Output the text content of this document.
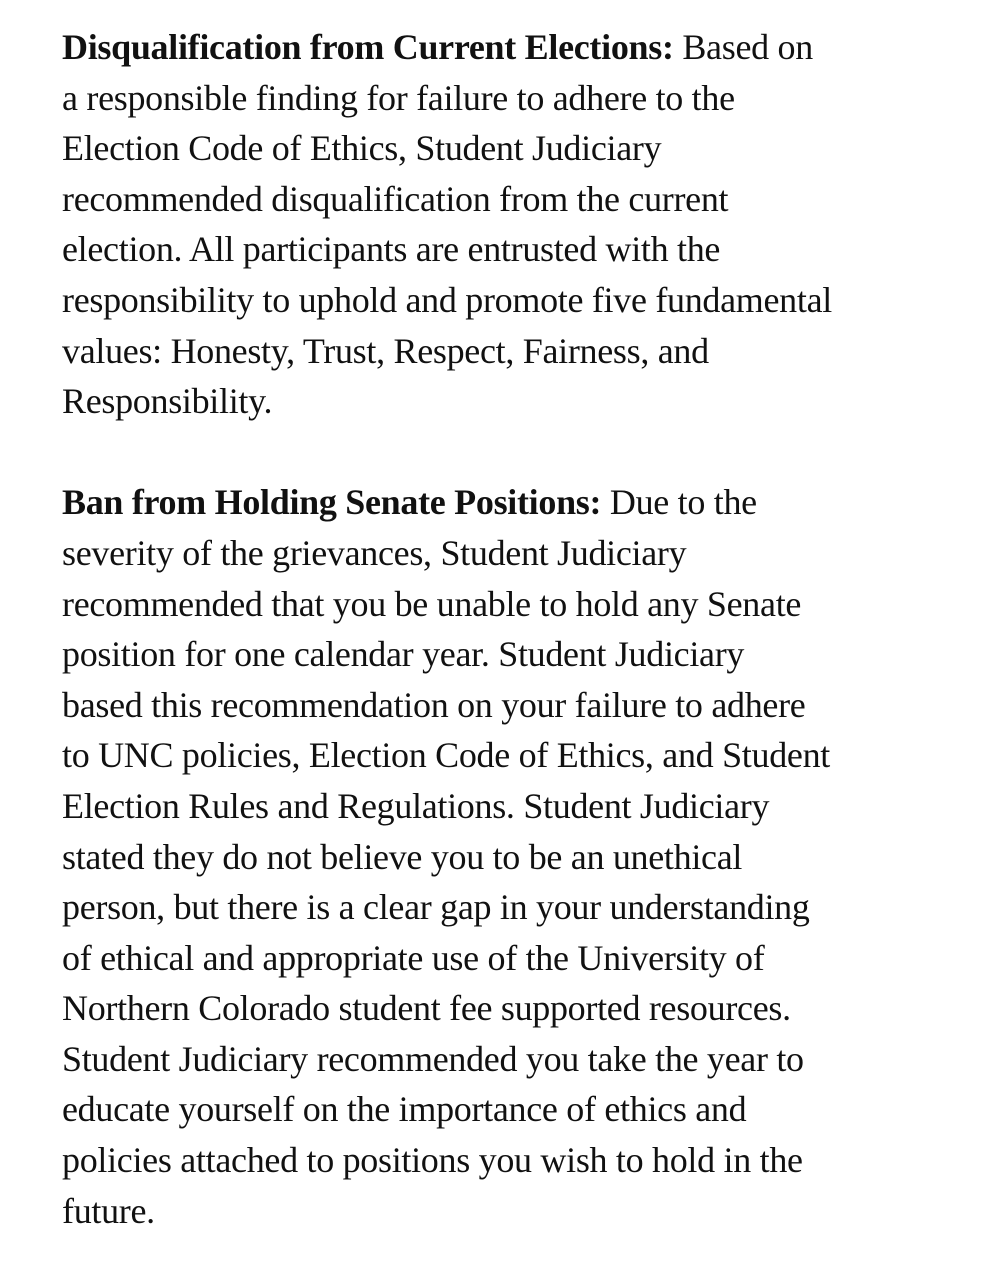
Disqualification from Current Elections: Based on
a responsible finding for failure to adhere to the
Election Code of Ethics, Student Judiciary
recommended disqualification from the current
election. All participants are entrusted with the
responsibility to uphold and promote five fundamental
values: Honesty, Trust, Respect, Fairness, and
Responsibility.
Ban from Holding Senate Positions: Due to the
severity of the grievances, Student Judiciary
recommended that you be unable to hold any Senate
position for one calendar year. Student Judiciary
based this recommendation on your failure to adhere
to UNC policies, Election Code of Ethics, and Student
Election Rules and Regulations. Student Judiciary
stated they do not believe you to be an unethical
person, but there is a clear gap in your understanding
of ethical and appropriate use of the University of
Northern Colorado student fee supported resources.
Student Judiciary recommended you take the year to
educate yourself on the importance of ethics and
policies attached to positions you wish to hold in the
future.
